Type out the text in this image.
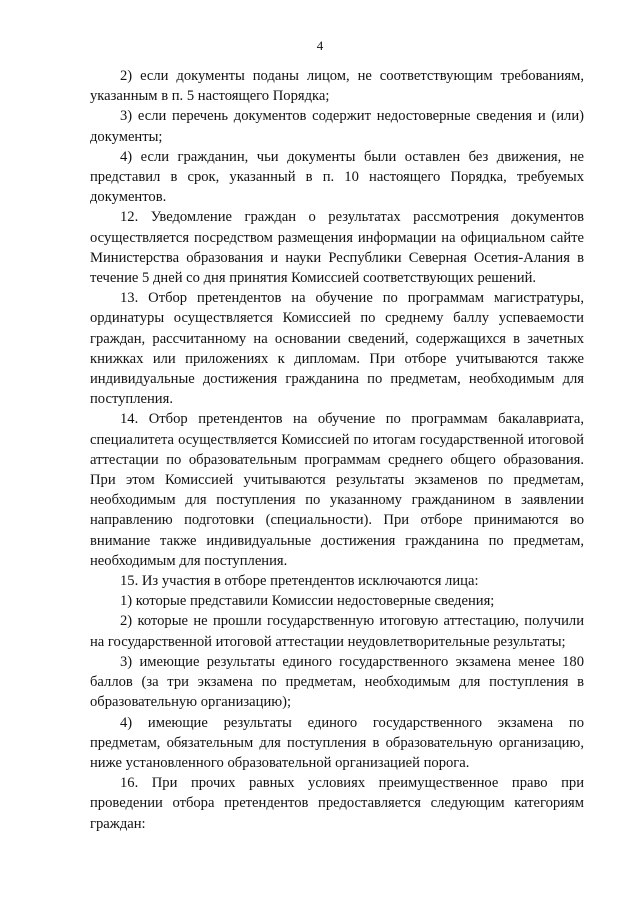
4

2) если документы поданы лицом, не соответствующим требованиям, указанным в п. 5 настоящего Порядка;

3) если перечень документов содержит недостоверные сведения и (или) документы;

4) если гражданин, чьи документы были оставлен без движения, не представил в срок, указанный в п. 10 настоящего Порядка, требуемых документов.

12. Уведомление граждан о результатах рассмотрения документов осуществляется посредством размещения информации на официальном сайте Министерства образования и науки Республики Северная Осетия-Алания в течение 5 дней со дня принятия Комиссией соответствующих решений.

13. Отбор претендентов на обучение по программам магистратуры, ординатуры осуществляется Комиссией по среднему баллу успеваемости граждан, рассчитанному на основании сведений, содержащихся в зачетных книжках или приложениях к дипломам. При отборе учитываются также индивидуальные достижения гражданина по предметам, необходимым для поступления.

14. Отбор претендентов на обучение по программам бакалавриата, специалитета осуществляется Комиссией по итогам государственной итоговой аттестации по образовательным программам среднего общего образования. При этом Комиссией учитываются результаты экзаменов по предметам, необходимым для поступления по указанному гражданином в заявлении направлению подготовки (специальности). При отборе принимаются во внимание также индивидуальные достижения гражданина по предметам, необходимым для поступления.

15. Из участия в отборе претендентов исключаются лица:

1) которые представили Комиссии недостоверные сведения;

2) которые не прошли государственную итоговую аттестацию, получили на государственной итоговой аттестации неудовлетворительные результаты;

3) имеющие результаты единого государственного экзамена менее 180 баллов (за три экзамена по предметам, необходимым для поступления в образовательную организацию);

4) имеющие результаты единого государственного экзамена по предметам, обязательным для поступления в образовательную организацию, ниже установленного образовательной организацией порога.

16. При прочих равных условиях преимущественное право при проведении отбора претендентов предоставляется следующим категориям граждан:
